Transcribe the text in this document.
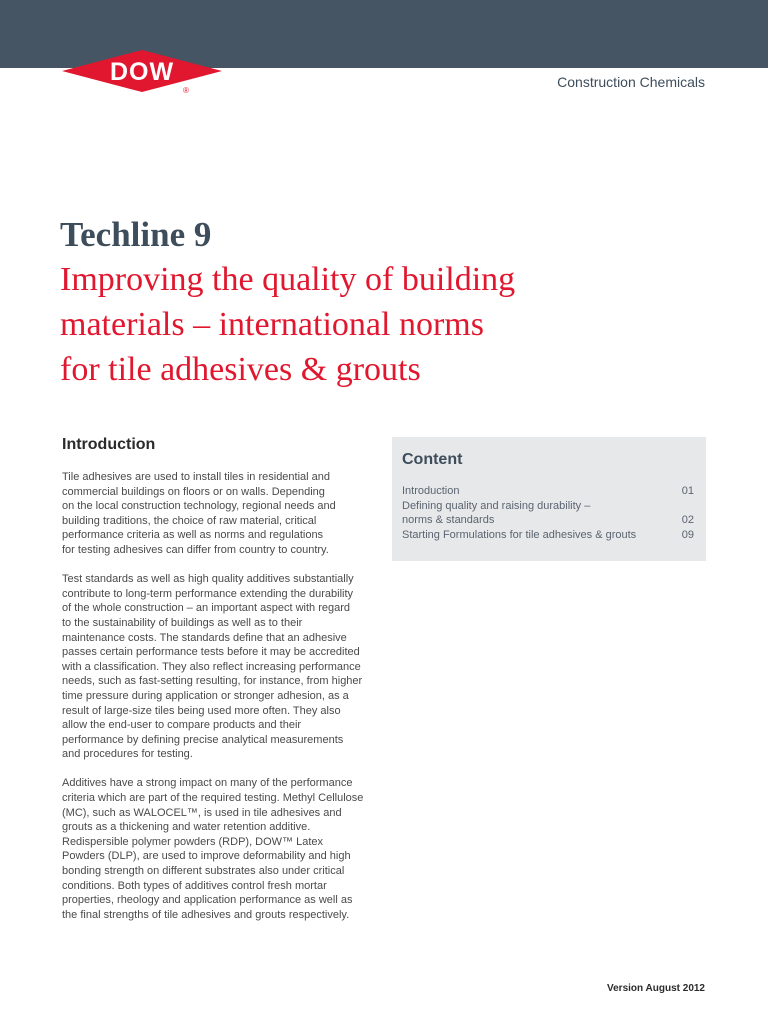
DOW
®
Construction Chemicals
Techline 9
Improving the quality of building
materials – international norms
for tile adhesives & grouts
Introduction

Tile adhesives are used to install tiles in residential and
commercial buildings on floors or on walls. Depending
on the local construction technology, regional needs and
building traditions, the choice of raw material, critical
performance criteria as well as norms and regulations
for testing adhesives can differ from country to country.

Test standards as well as high quality additives substantially
contribute to long-term performance extending the durability
of the whole construction – an important aspect with regard
to the sustainability of buildings as well as to their
maintenance costs. The standards define that an adhesive
passes certain performance tests before it may be accredited
with a classification. They also reflect increasing performance
needs, such as fast-setting resulting, for instance, from higher
time pressure during application or stronger adhesion, as a
result of large-size tiles being used more often. They also
allow the end-user to compare products and their
performance by defining precise analytical measurements
and procedures for testing.

Additives have a strong impact on many of the performance
criteria which are part of the required testing. Methyl Cellulose
(MC), such as WALOCEL™, is used in tile adhesives and
grouts as a thickening and water retention additive.
Redispersible polymer powders (RDP), DOW™ Latex
Powders (DLP), are used to improve deformability and high
bonding strength on different substrates also under critical
conditions. Both types of additives control fresh mortar
properties, rheology and application performance as well as
the final strengths of tile adhesives and grouts respectively.

Content
Introduction	01
Defining quality and raising durability –
norms & standards	02
Starting Formulations for tile adhesives & grouts	09
Version August 2012
